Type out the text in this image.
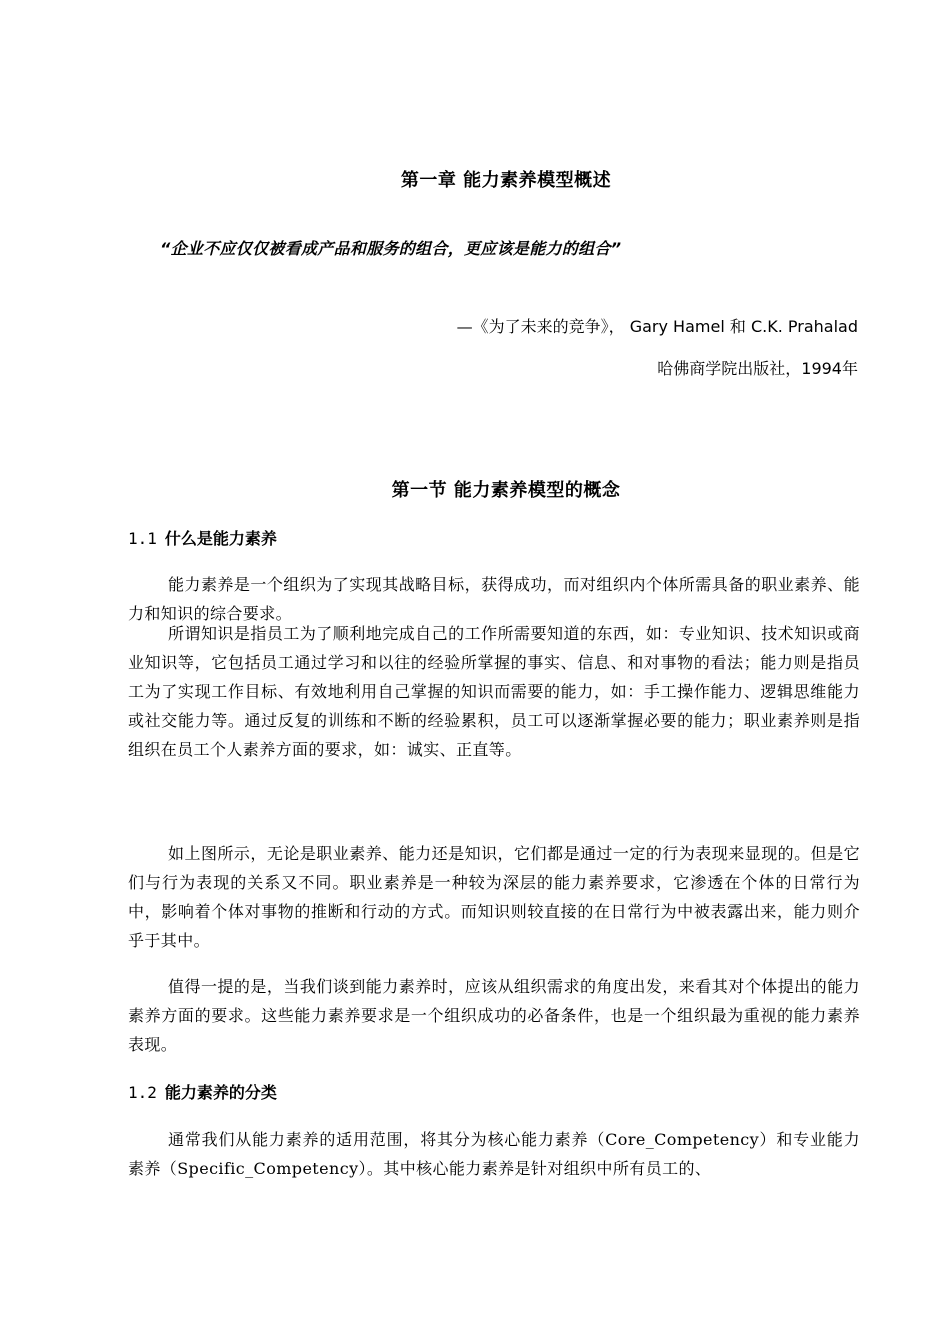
第一章 能力素养模型概述
“企业不应仅仅被看成产品和服务的组合，更应该是能力的组合”
—《为了未来的竞争》， Gary Hamel 和 C.K. Prahalad
哈佛商学院出版社，1994年
第一节 能力素养模型的概念
1.1 什么是能力素养

能力素养是一个组织为了实现其战略目标，获得成功，而对组织内个体所需具备的职业素养、能力和知识的综合要求。

所谓知识是指员工为了顺利地完成自己的工作所需要知道的东西，如：专业知识、技术知识或商业知识等，它包括员工通过学习和以往的经验所掌握的事实、信息、和对事物的看法；能力则是指员工为了实现工作目标、有效地利用自己掌握的知识而需要的能力，如：手工操作能力、逻辑思维能力或社交能力等。通过反复的训练和不断的经验累积，员工可以逐渐掌握必要的能力；职业素养则是指组织在员工个人素养方面的要求，如：诚实、正直等。

如上图所示，无论是职业素养、能力还是知识，它们都是通过一定的行为表现来显现的。但是它们与行为表现的关系又不同。职业素养是一种较为深层的能力素养要求，它渗透在个体的日常行为中，影响着个体对事物的推断和行动的方式。而知识则较直接的在日常行为中被表露出来，能力则介乎于其中。

值得一提的是，当我们谈到能力素养时，应该从组织需求的角度出发，来看其对个体提出的能力素养方面的要求。这些能力素养要求是一个组织成功的必备条件，也是一个组织最为重视的能力素养表现。

1.2 能力素养的分类

通常我们从能力素养的适用范围，将其分为核心能力素养（Core_Competency）和专业能力素养（Specific_Competency）。其中核心能力素养是针对组织中所有员工的、
